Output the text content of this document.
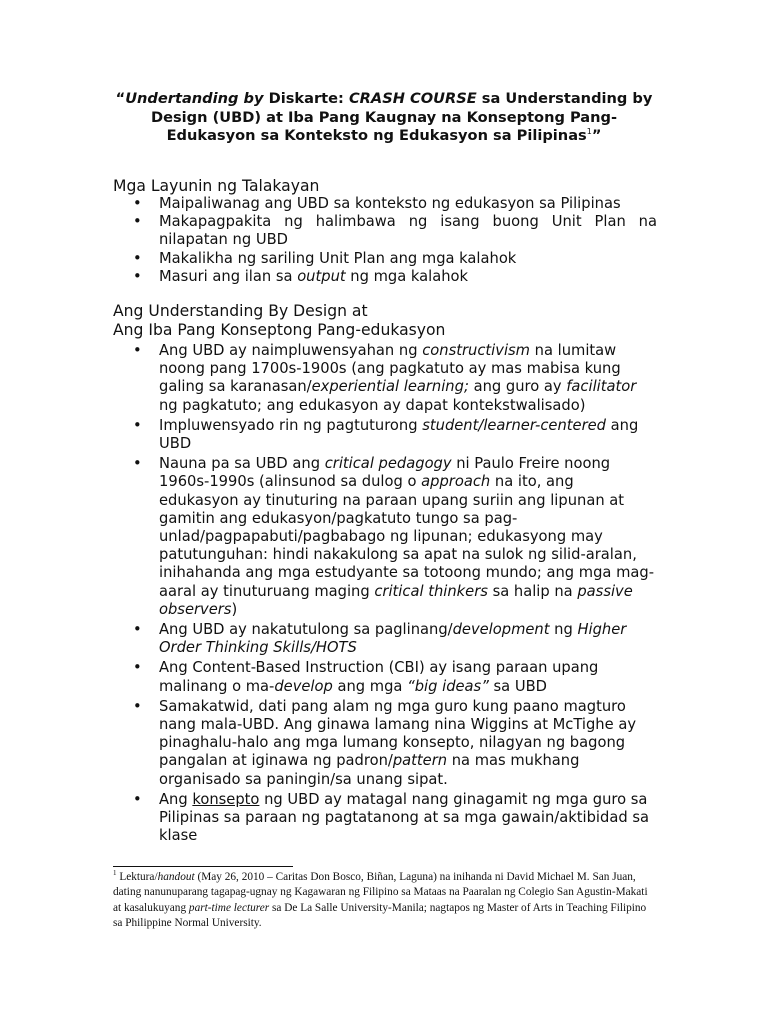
“Undertanding by Diskarte: CRASH COURSE sa Understanding by Design (UBD) at Iba Pang Kaugnay na Konseptong Pang-Edukasyon sa Konteksto ng Edukasyon sa Pilipinas$^1$”
Mga Layunin ng Talakayan
• Maipaliwanag ang UBD sa konteksto ng edukasyon sa Pilipinas
• Makapagpakita ng halimbawa ng isang buong Unit Plan na nilapatan ng UBD
• Makalikha ng sariling Unit Plan ang mga kalahok
• Masuri ang ilan sa output ng mga kalahok
Ang Understanding By Design at
Ang Iba Pang Konseptong Pang-edukasyon
• Ang UBD ay naimpluwensyahan ng constructivism na lumitaw noong pang 1700s-1900s (ang pagkatuto ay mas mabisa kung galing sa karanasan/experiential learning; ang guro ay facilitator ng pagkatuto; ang edukasyon ay dapat kontekstwalisado)
• Impluwensyado rin ng pagtuturong student/learner-centered ang UBD
• Nauna pa sa UBD ang critical pedagogy ni Paulo Freire noong 1960s-1990s (alinsunod sa dulog o approach na ito, ang edukasyon ay tinuturing na paraan upang suriin ang lipunan at gamitin ang edukasyon/pagkatuto tungo sa pag-unlad/pagpapabuti/pagbabago ng lipunan; edukasyong may patutunguhan: hindi nakakulong sa apat na sulok ng silid-aralan, inihahanda ang mga estudyante sa totoong mundo; ang mga mag-aaral ay tinuturuang maging critical thinkers sa halip na passive observers)
• Ang UBD ay nakatutulong sa paglinang/development ng Higher Order Thinking Skills/HOTS
• Ang Content-Based Instruction (CBI) ay isang paraan upang malinang o ma-develop ang mga “big ideas” sa UBD
• Samakatwid, dati pang alam ng mga guro kung paano magturo nang mala-UBD. Ang ginawa lamang nina Wiggins at McTighe ay pinaghalu-halo ang mga lumang konsepto, nilagyan ng bagong pangalan at iginawa ng padron/pattern na mas mukhang organisado sa paningin/sa unang sipat.
• Ang konsepto ng UBD ay matagal nang ginagamit ng mga guro sa Pilipinas sa paraan ng pagtatanong at sa mga gawain/aktibidad sa klase
$^1$ Lektura/handout (May 26, 2010 – Caritas Don Bosco, Biñan, Laguna) na inihanda ni David Michael M. San Juan, dating nanunuparang tagapag-ugnay ng Kagawaran ng Filipino sa Mataas na Paaralan ng Colegio San Agustin-Makati at kasalukuyang part-time lecturer sa De La Salle University-Manila; nagtapos ng Master of Arts in Teaching Filipino sa Philippine Normal University.
